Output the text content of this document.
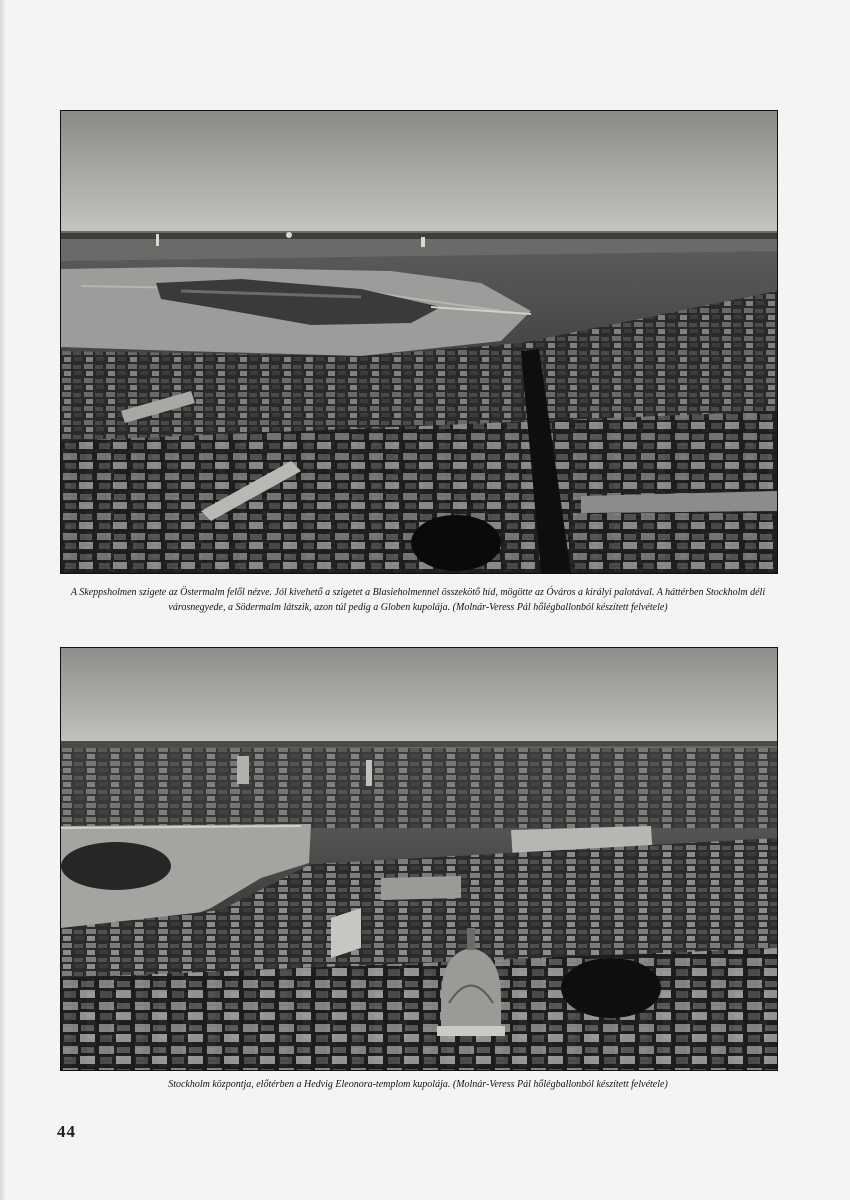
A Skeppsholmen szigete az Östermalm felől nézve. Jól kivehető a szigetet a Blasieholmennel összekötő híd, mögötte az Óváros a királyi palotával. A háttérben Stockholm déli városnegyede, a Södermalm látszik, azon túl pedig a Globen kupolája. (Molnár-Veress Pál hőlégballonból készített felvétele)
Stockholm központja, előtérben a Hedvig Eleonora-templom kupolája. (Molnár-Veress Pál hőlégballonból készített felvétele)
44
